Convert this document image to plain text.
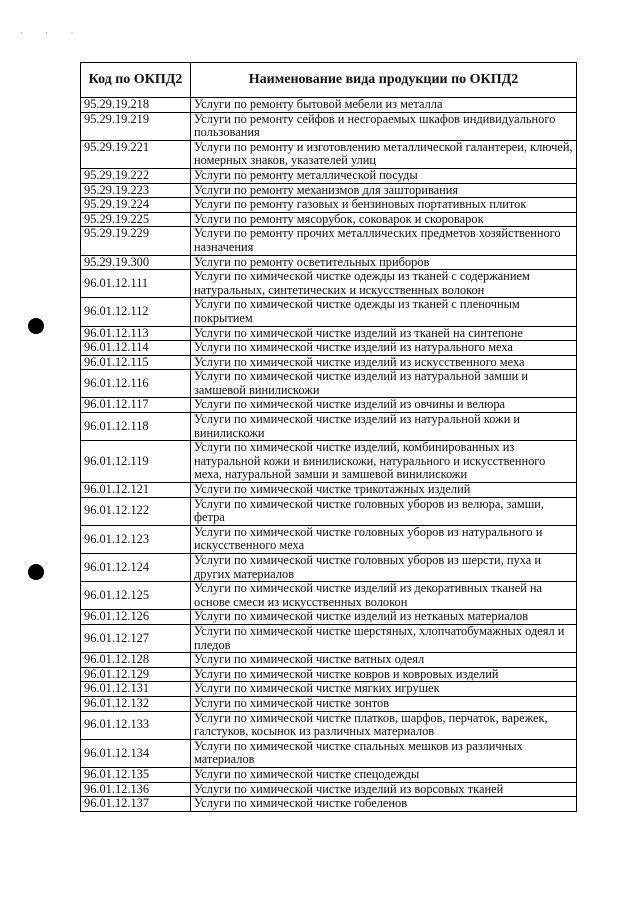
· · ·
Код по ОКПД2	Наименование вида продукции по ОКПД2
95.29.19.218	Услуги по ремонту бытовой мебели из металла
95.29.19.219	Услуги по ремонту сейфов и несгораемых шкафов индивидуального пользования
95.29.19.221	Услуги по ремонту и изготовлению металлической галантереи, ключей, номерных знаков, указателей улиц
95.29.19.222	Услуги по ремонту металлической посуды
95.29.19.223	Услуги по ремонту механизмов для зашторивания
95.29.19.224	Услуги по ремонту газовых и бензиновых портативных плиток
95.29.19.225	Услуги по ремонту мясорубок, соковарок и скороварок
95.29.19.229	Услуги по ремонту прочих металлических предметов хозяйственного назначения
95.29.19.300	Услуги по ремонту осветительных приборов
96.01.12.111	Услуги по химической чистке одежды из тканей с содержанием натуральных, синтетических и искусственных волокон
96.01.12.112	Услуги по химической чистке одежды из тканей с пленочным покрытием
96.01.12.113	Услуги по химической чистке изделий из тканей на синтепоне
96.01.12.114	Услуги по химической чистке изделий из натурального меха
96.01.12.115	Услуги по химической чистке изделий из искусственного меха
96.01.12.116	Услуги по химической чистке изделий из натуральной замши и замшевой винилискожи
96.01.12.117	Услуги по химической чистке изделий из овчины и велюра
96.01.12.118	Услуги по химической чистке изделий из натуральной кожи и винилискожи
96.01.12.119	Услуги по химической чистке изделий, комбинированных из натуральной кожи и винилискожи, натурального и искусственного меха, натуральной замши и замшевой винилискожи
96.01.12.121	Услуги по химической чистке трикотажных изделий
96.01.12.122	Услуги по химической чистке головных уборов из велюра, замши, фетра
96.01.12.123	Услуги по химической чистке головных уборов из натурального и искусственного меха
96.01.12.124	Услуги по химической чистке головных уборов из шерсти, пуха и других материалов
96.01.12.125	Услуги по химической чистке изделий из декоративных тканей на основе смеси из искусственных волокон
96.01.12.126	Услуги по химической чистке изделий из нетканых материалов
96.01.12.127	Услуги по химической чистке шерстяных, хлопчатобумажных одеял и пледов
96.01.12.128	Услуги по химической чистке ватных одеял
96.01.12.129	Услуги по химической чистке ковров и ковровых изделий
96.01.12.131	Услуги по химической чистке мягких игрушек
96.01.12.132	Услуги по химической чистке зонтов
96.01.12.133	Услуги по химической чистке платков, шарфов, перчаток, варежек, галстуков, косынок из различных материалов
96.01.12.134	Услуги по химической чистке спальных мешков из различных материалов
96.01.12.135	Услуги по химической чистке спецодежды
96.01.12.136	Услуги по химической чистке изделий из ворсовых тканей
96.01.12.137	Услуги по химической чистке гобеленов
